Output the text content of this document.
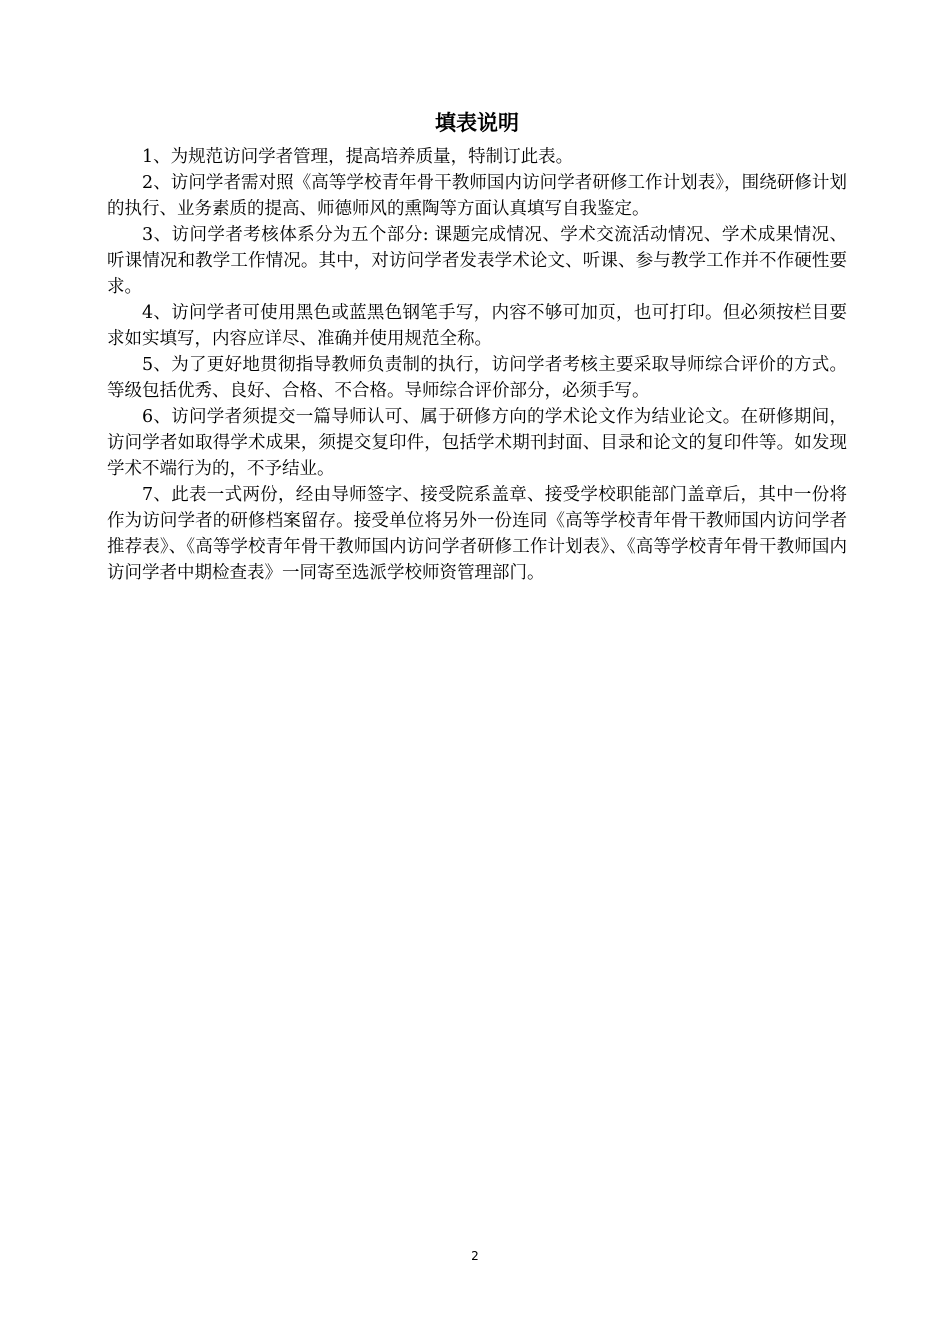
填表说明

1、为规范访问学者管理，提高培养质量，特制订此表。

2、访问学者需对照《高等学校青年骨干教师国内访问学者研修工作计划表》，围绕研修计划的执行、业务素质的提高、师德师风的熏陶等方面认真填写自我鉴定。

3、访问学者考核体系分为五个部分: 课题完成情况、学术交流活动情况、学术成果情况、听课情况和教学工作情况。其中，对访问学者发表学术论文、听课、参与教学工作并不作硬性要求。

4、访问学者可使用黑色或蓝黑色钢笔手写，内容不够可加页，也可打印。但必须按栏目要求如实填写，内容应详尽、准确并使用规范全称。

5、为了更好地贯彻指导教师负责制的执行，访问学者考核主要采取导师综合评价的方式。等级包括优秀、良好、合格、不合格。导师综合评价部分，必须手写。

6、访问学者须提交一篇导师认可、属于研修方向的学术论文作为结业论文。在研修期间，访问学者如取得学术成果，须提交复印件，包括学术期刊封面、目录和论文的复印件等。如发现学术不端行为的，不予结业。

7、此表一式两份，经由导师签字、接受院系盖章、接受学校职能部门盖章后，其中一份将作为访问学者的研修档案留存。接受单位将另外一份连同《高等学校青年骨干教师国内访问学者推荐表》、《高等学校青年骨干教师国内访问学者研修工作计划表》、《高等学校青年骨干教师国内访问学者中期检查表》一同寄至选派学校师资管理部门。

2
